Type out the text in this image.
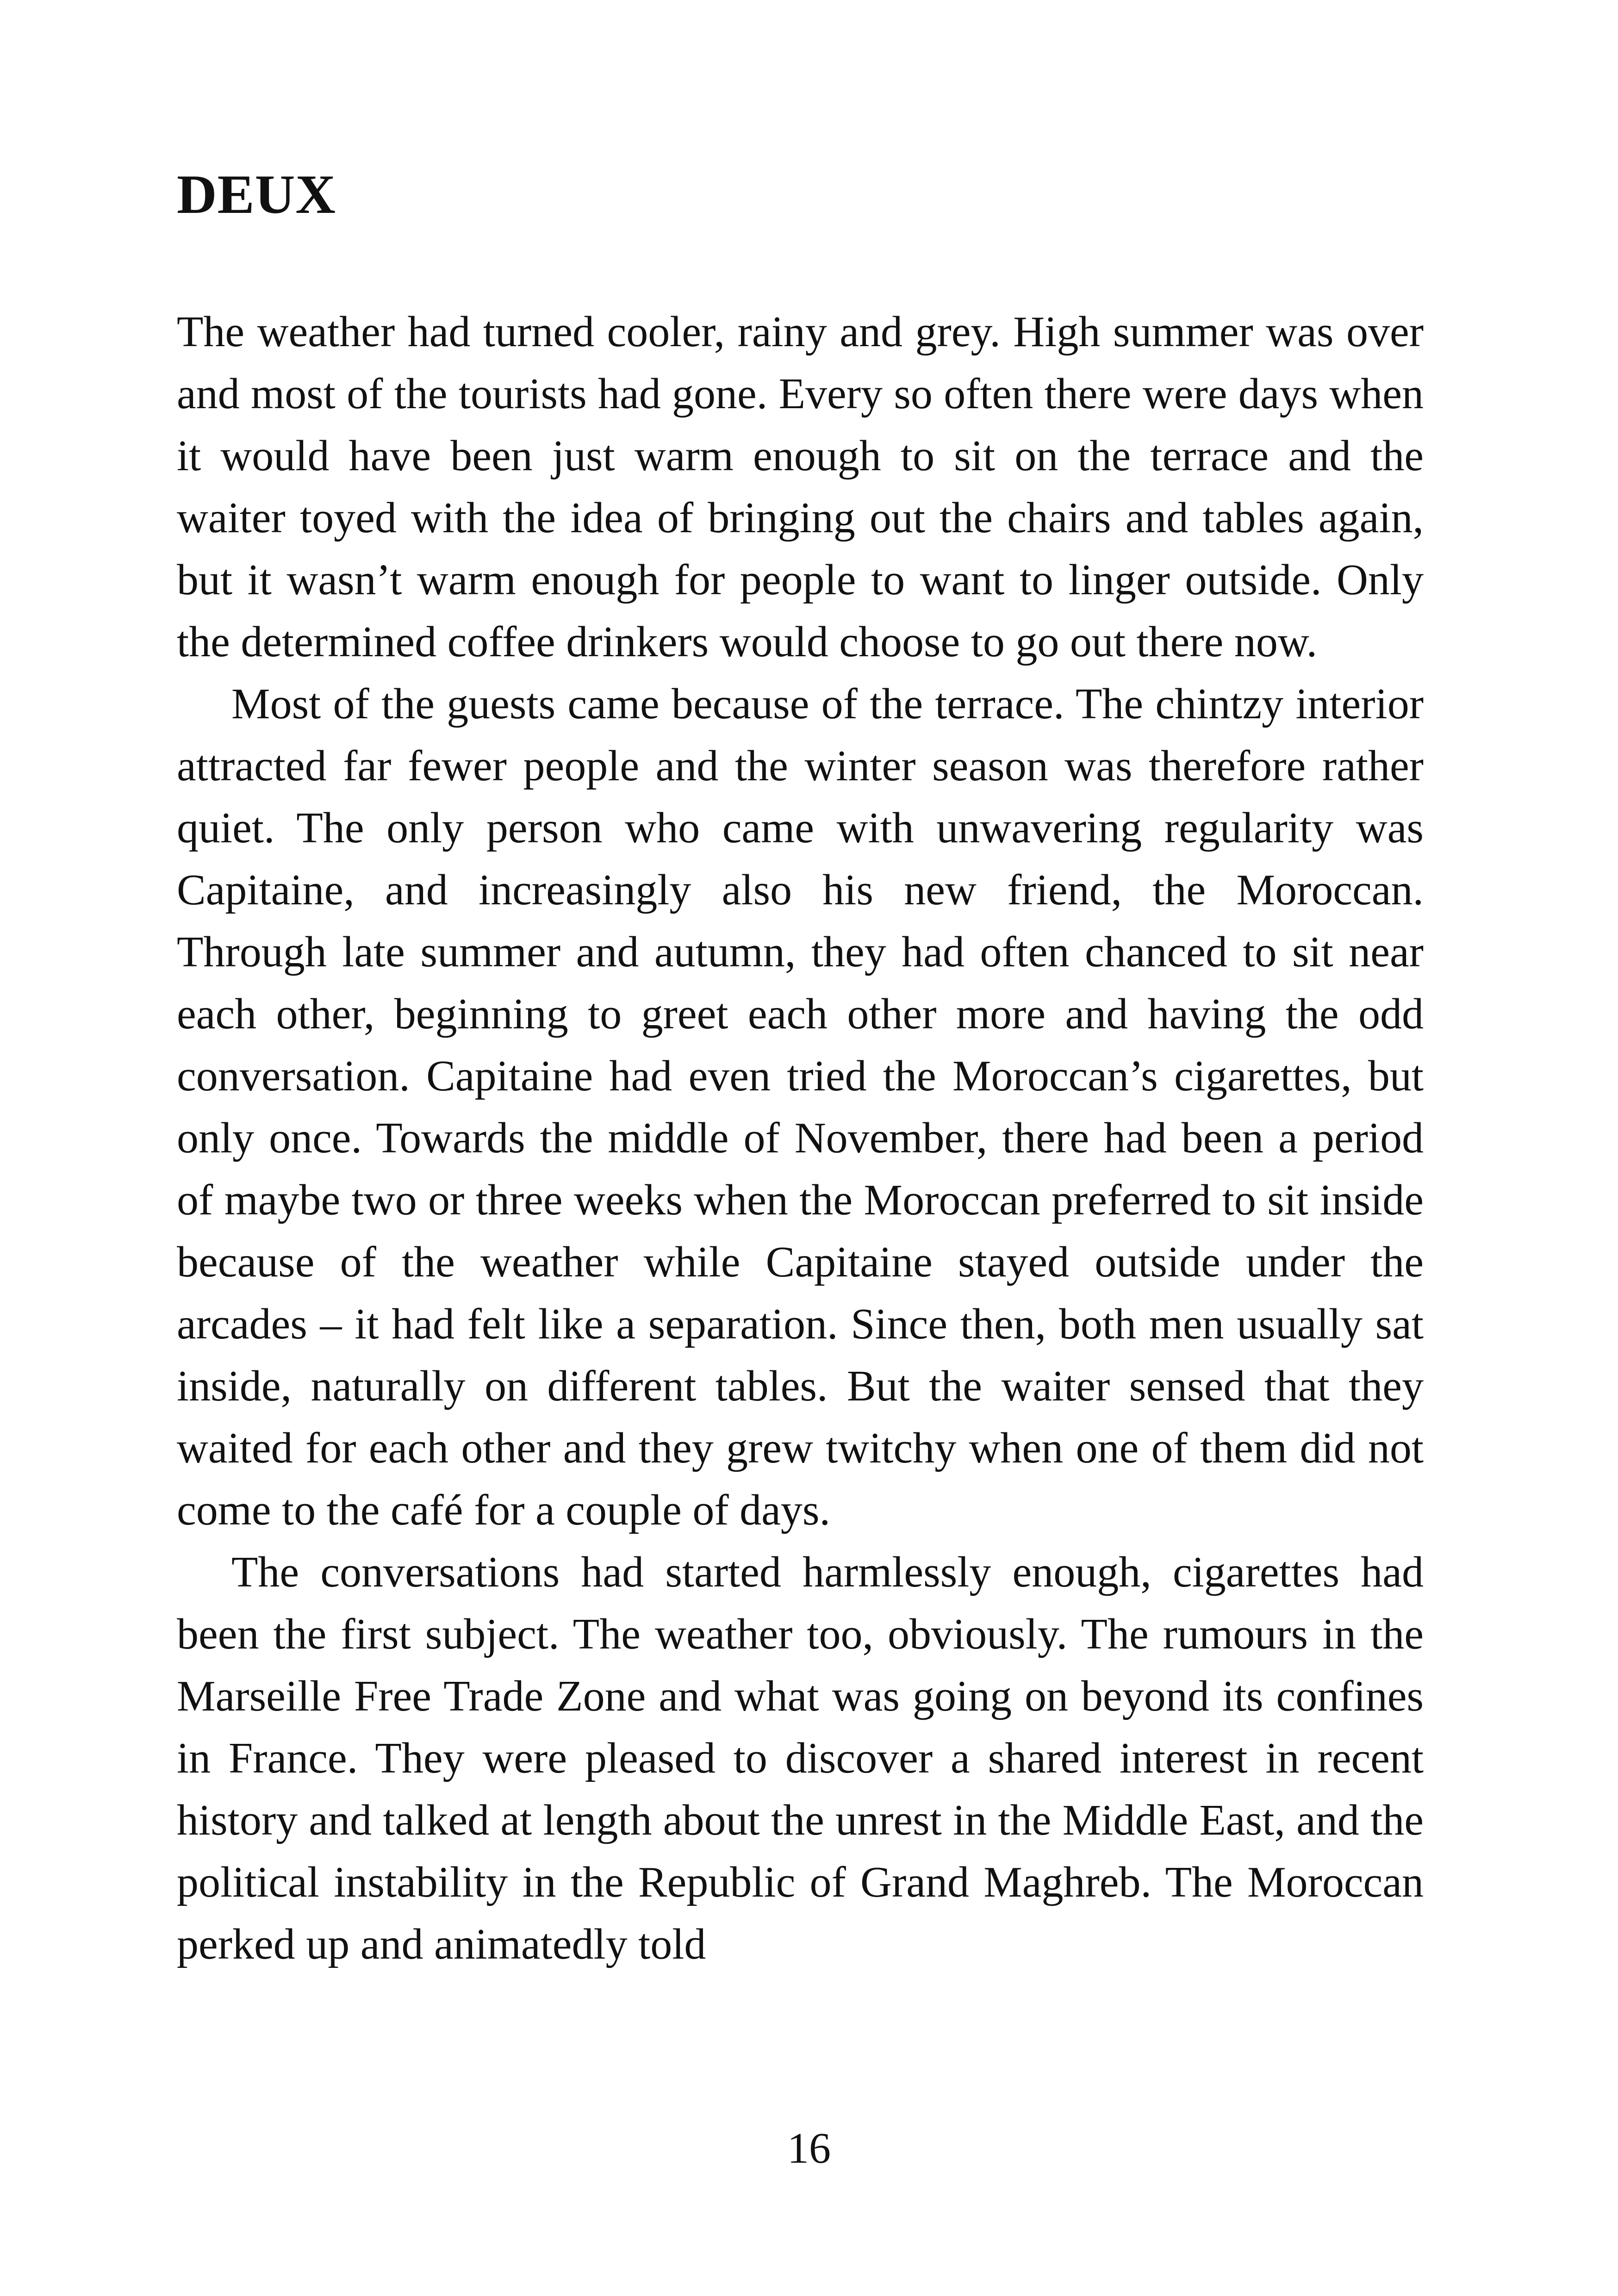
DEUX

The weather had turned cooler, rainy and grey. High summer was over and most of the tourists had gone. Every so often there were days when it would have been just warm enough to sit on the terrace and the waiter toyed with the idea of bringing out the chairs and tables again, but it wasn’t warm enough for people to want to linger outside. Only the determined coffee drinkers would choose to go out there now.

Most of the guests came because of the terrace. The chintzy interior attracted far fewer people and the winter season was therefore rather quiet. The only person who came with unwavering regularity was Capitaine, and increasingly also his new friend, the Moroccan. Through late summer and autumn, they had often chanced to sit near each other, beginning to greet each other more and having the odd conversation. Capitaine had even tried the Moroccan’s cigarettes, but only once. Towards the middle of November, there had been a period of maybe two or three weeks when the Moroccan preferred to sit inside because of the weather while Capitaine stayed outside under the arcades – it had felt like a separation. Since then, both men usually sat inside, naturally on different tables. But the waiter sensed that they waited for each other and they grew twitchy when one of them did not come to the café for a couple of days.

The conversations had started harmlessly enough, cigarettes had been the first subject. The weather too, obviously. The rumours in the Marseille Free Trade Zone and what was going on beyond its confines in France. They were pleased to discover a shared interest in recent history and talked at length about the unrest in the Middle East, and the political instability in the Republic of Grand Maghreb. The Moroccan perked up and animatedly told

16
